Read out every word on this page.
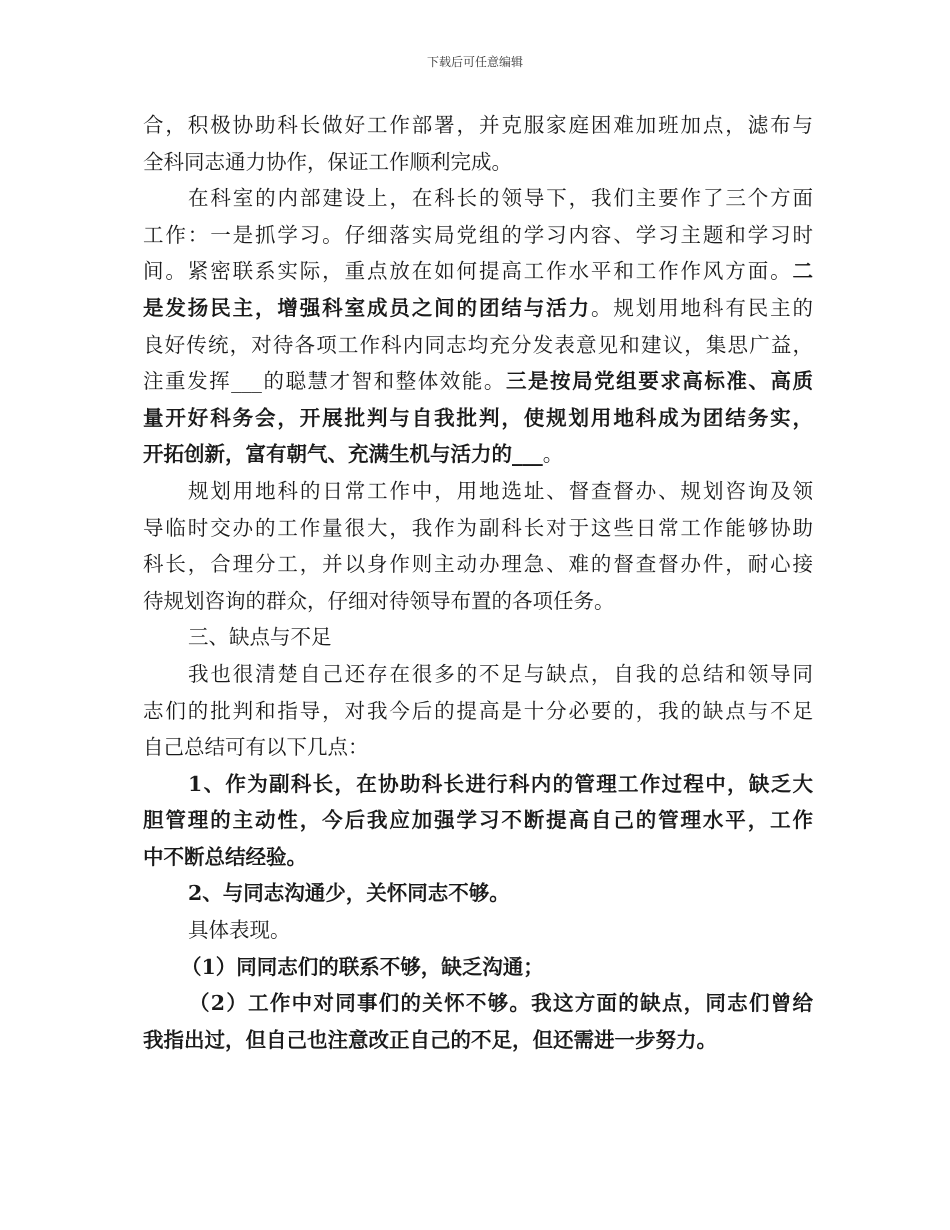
下载后可任意编辑
合，积极协助科长做好工作部署，并克服家庭困难加班加点，滤布与
全科同志通力协作，保证工作顺利完成。
在科室的内部建设上，在科长的领导下，我们主要作了三个方面
工作：一是抓学习。仔细落实局党组的学习内容、学习主题和学习时
间。紧密联系实际，重点放在如何提高工作水平和工作作风方面。二
是发扬民主，增强科室成员之间的团结与活力。规划用地科有民主的
良好传统，对待各项工作科内同志均充分发表意见和建议，集思广益，
注重发挥___的聪慧才智和整体效能。三是按局党组要求高标准、高质
量开好科务会，开展批判与自我批判，使规划用地科成为团结务实，
开拓创新，富有朝气、充满生机与活力的___。
规划用地科的日常工作中，用地选址、督查督办、规划咨询及领
导临时交办的工作量很大，我作为副科长对于这些日常工作能够协助
科长，合理分工，并以身作则主动办理急、难的督查督办件，耐心接
待规划咨询的群众，仔细对待领导布置的各项任务。
三、缺点与不足
我也很清楚自己还存在很多的不足与缺点，自我的总结和领导同
志们的批判和指导，对我今后的提高是十分必要的，我的缺点与不足
自己总结可有以下几点：
1、作为副科长，在协助科长进行科内的管理工作过程中，缺乏大
胆管理的主动性，今后我应加强学习不断提高自己的管理水平，工作
中不断总结经验。
2、与同志沟通少，关怀同志不够。
具体表现。
（1）同同志们的联系不够，缺乏沟通；
（2）工作中对同事们的关怀不够。我这方面的缺点，同志们曾给
我指出过，但自己也注意改正自己的不足，但还需进一步努力。
